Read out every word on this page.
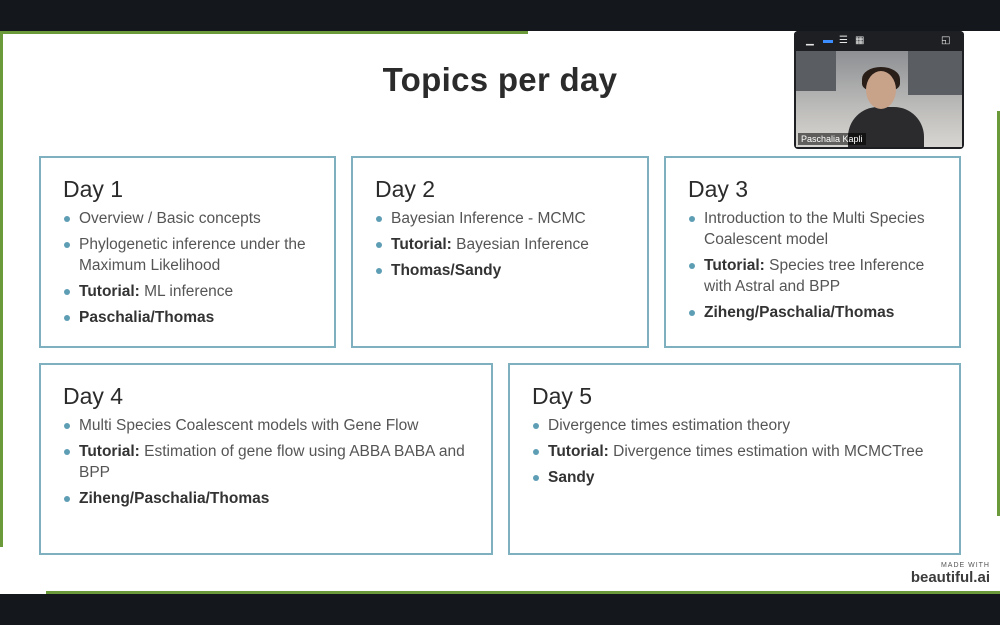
Topics per day
Day 1
Overview / Basic concepts
Phylogenetic inference under the Maximum Likelihood
Tutorial: ML inference
Paschalia/Thomas
Day 2
Bayesian Inference - MCMC
Tutorial: Bayesian Inference
Thomas/Sandy
Day 3
Introduction to the Multi Species Coalescent model
Tutorial: Species tree Inference with Astral and BPP
Ziheng/Paschalia/Thomas
Day 4
Multi Species Coalescent models with Gene Flow
Tutorial: Estimation of gene flow using ABBA BABA and BPP
Ziheng/Paschalia/Thomas
Day 5
Divergence times estimation theory
Tutorial: Divergence times estimation with MCMCTree
Sandy
MADE WITH
beautiful.ai
▁ ▬ ☰ ▦	◱
Paschalia Kapli
